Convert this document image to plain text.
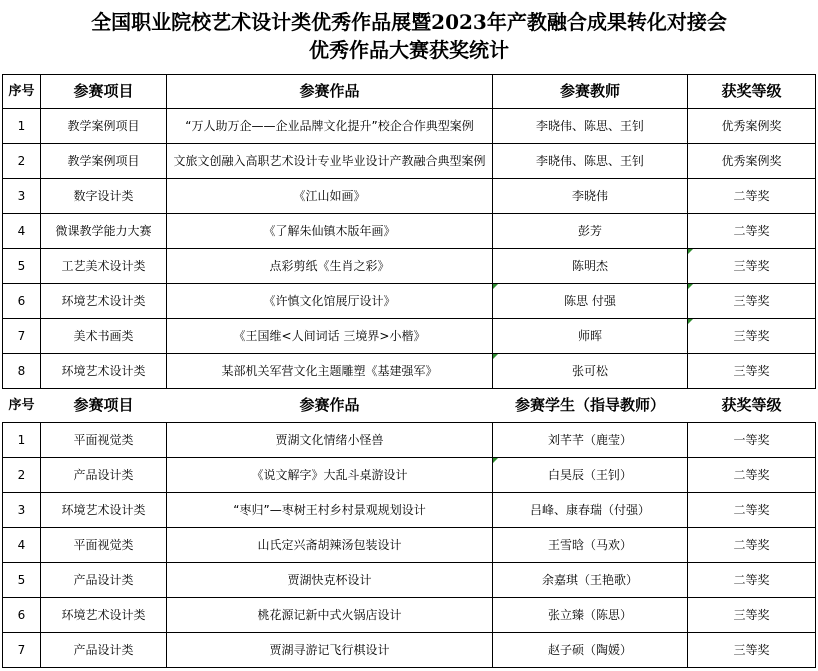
全国职业院校艺术设计类优秀作品展暨2023年产教融合成果转化对接会
优秀作品大赛获奖统计
序号	参赛项目	参赛作品	参赛教师	获奖等级
1	教学案例项目	“万人助万企——企业品牌文化提升”校企合作典型案例	李晓伟、陈思、王钊	优秀案例奖
2	教学案例项目	文旅文创融入高职艺术设计专业毕业设计产教融合典型案例	李晓伟、陈思、王钊	优秀案例奖
3	数字设计类	《江山如画》	李晓伟	二等奖
4	微课教学能力大赛	《了解朱仙镇木版年画》	彭芳	二等奖
5	工艺美术设计类	点彩剪纸《生肖之彩》	陈明杰	三等奖
6	环境艺术设计类	《许慎文化馆展厅设计》	陈思 付强	三等奖
7	美术书画类	《王国维<人间词话 三境界>小楷》	师晖	三等奖
8	环境艺术设计类	某部机关军营文化主题雕塑《基建强军》	张可松	三等奖
序号	参赛项目	参赛作品	参赛学生（指导教师）	获奖等级
1	平面视觉类	贾湖文化情绪小怪兽	刘芊芊（鹿莹）	一等奖
2	产品设计类	《说文解字》大乱斗桌游设计	白昊辰（王钊）	二等奖
3	环境艺术设计类	“枣归”—枣树王村乡村景观规划设计	吕峰、康春瑞（付强）	二等奖
4	平面视觉类	山氏定兴斋胡辣汤包装设计	王雪晗（马欢）	二等奖
5	产品设计类	贾湖快克杯设计	余嘉琪（王艳歌）	二等奖
6	环境艺术设计类	桃花源记新中式火锅店设计	张立臻（陈思）	三等奖
7	产品设计类	贾湖寻游记飞行棋设计	赵子硕（陶媛）	三等奖
